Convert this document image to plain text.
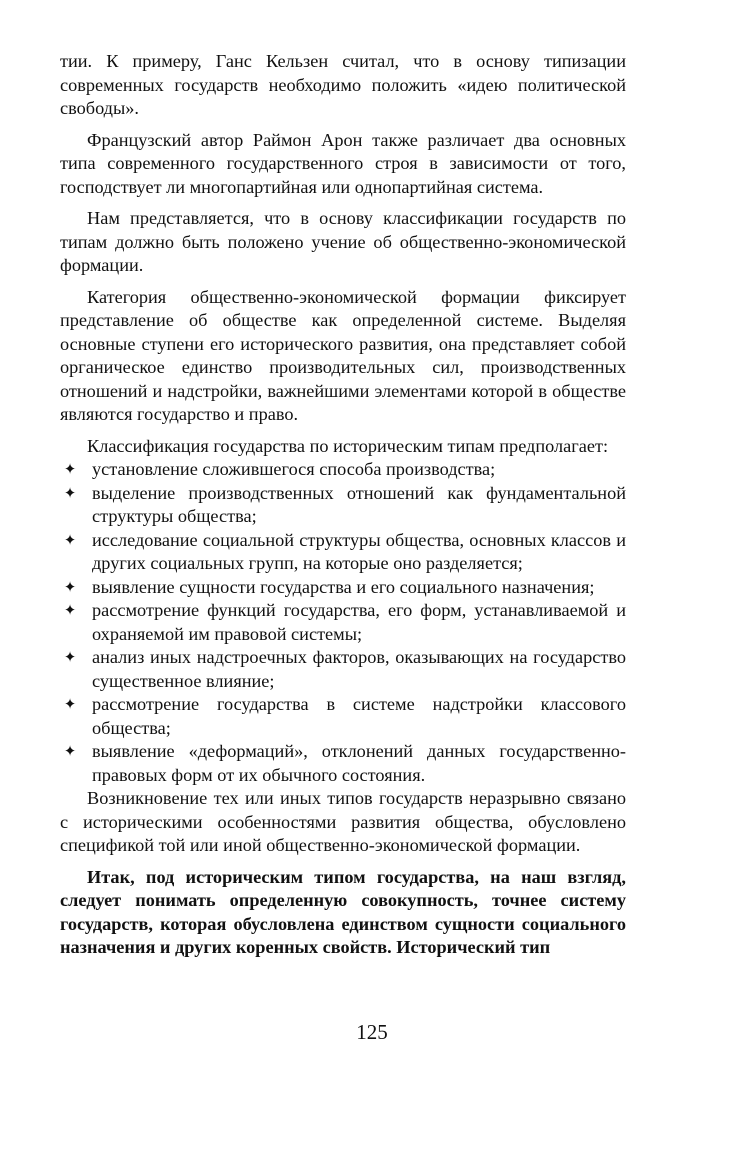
тии. К примеру, Ганс Кельзен считал, что в основу типизации современных государств необходимо положить «идею политической свободы».

Французский автор Раймон Арон также различает два основных типа современного государственного строя в зависимости от того, господствует ли многопартийная или однопартийная система.

Нам представляется, что в основу классификации государств по типам должно быть положено учение об общественно-экономической формации.

Категория общественно-экономической формации фиксирует представление об обществе как определенной системе. Выделяя основные ступени его исторического развития, она представляет собой органическое единство производительных сил, производственных отношений и надстройки, важнейшими элементами которой в обществе являются государство и право.

Классификация государства по историческим типам предполагает:

✦ установление сложившегося способа производства;
✦ выделение производственных отношений как фундаментальной структуры общества;
✦ исследование социальной структуры общества, основных классов и других социальных групп, на которые оно разделяется;
✦ выявление сущности государства и его социального назначения;
✦ рассмотрение функций государства, его форм, устанавливаемой и охраняемой им правовой системы;
✦ анализ иных надстроечных факторов, оказывающих на государство существенное влияние;
✦ рассмотрение государства в системе надстройки классового общества;
✦ выявление «деформаций», отклонений данных государственно-правовых форм от их обычного состояния.

Возникновение тех или иных типов государств неразрывно связано с историческими особенностями развития общества, обусловлено спецификой той или иной общественно-экономической формации.

Итак, под историческим типом государства, на наш взгляд, следует понимать определенную совокупность, точнее систему государств, которая обусловлена единством сущности социального назначения и других коренных свойств. Исторический тип

125
